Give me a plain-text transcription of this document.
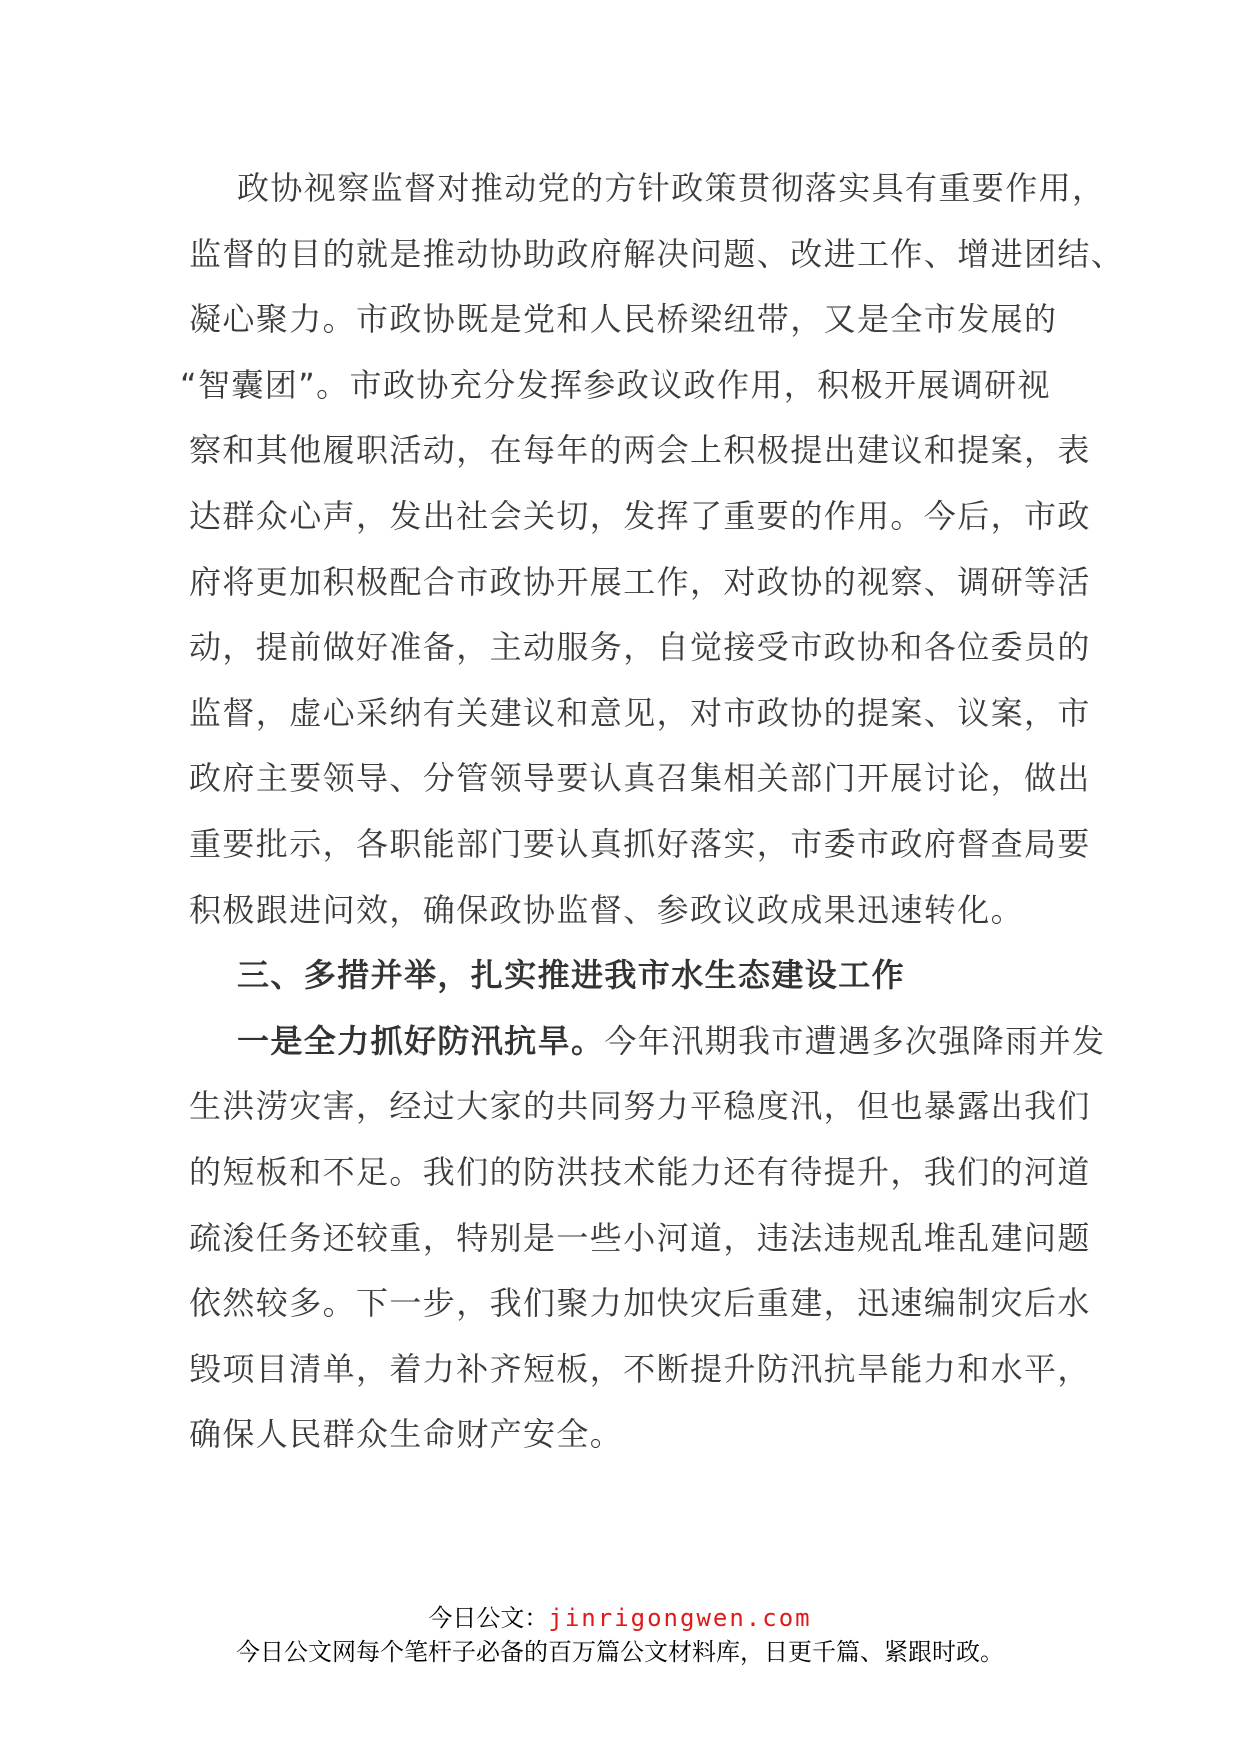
政协视察监督对推动党的方针政策贯彻落实具有重要作用，
监督的目的就是推动协助政府解决问题、改进工作、增进团结、
凝心聚力。市政协既是党和人民桥梁纽带，又是全市发展的
“智囊团”。市政协充分发挥参政议政作用，积极开展调研视
察和其他履职活动，在每年的两会上积极提出建议和提案，表
达群众心声，发出社会关切，发挥了重要的作用。今后，市政
府将更加积极配合市政协开展工作，对政协的视察、调研等活
动，提前做好准备，主动服务，自觉接受市政协和各位委员的
监督，虚心采纳有关建议和意见，对市政协的提案、议案，市
政府主要领导、分管领导要认真召集相关部门开展讨论，做出
重要批示，各职能部门要认真抓好落实，市委市政府督查局要
积极跟进问效，确保政协监督、参政议政成果迅速转化。
三、多措并举，扎实推进我市水生态建设工作
一是全力抓好防汛抗旱。今年汛期我市遭遇多次强降雨并发
生洪涝灾害，经过大家的共同努力平稳度汛，但也暴露出我们
的短板和不足。我们的防洪技术能力还有待提升，我们的河道
疏浚任务还较重，特别是一些小河道，违法违规乱堆乱建问题
依然较多。下一步，我们聚力加快灾后重建，迅速编制灾后水
毁项目清单，着力补齐短板，不断提升防汛抗旱能力和水平，
确保人民群众生命财产安全。
今日公文：jinrigongwen.com
今日公文网每个笔杆子必备的百万篇公文材料库，日更千篇、紧跟时政。
